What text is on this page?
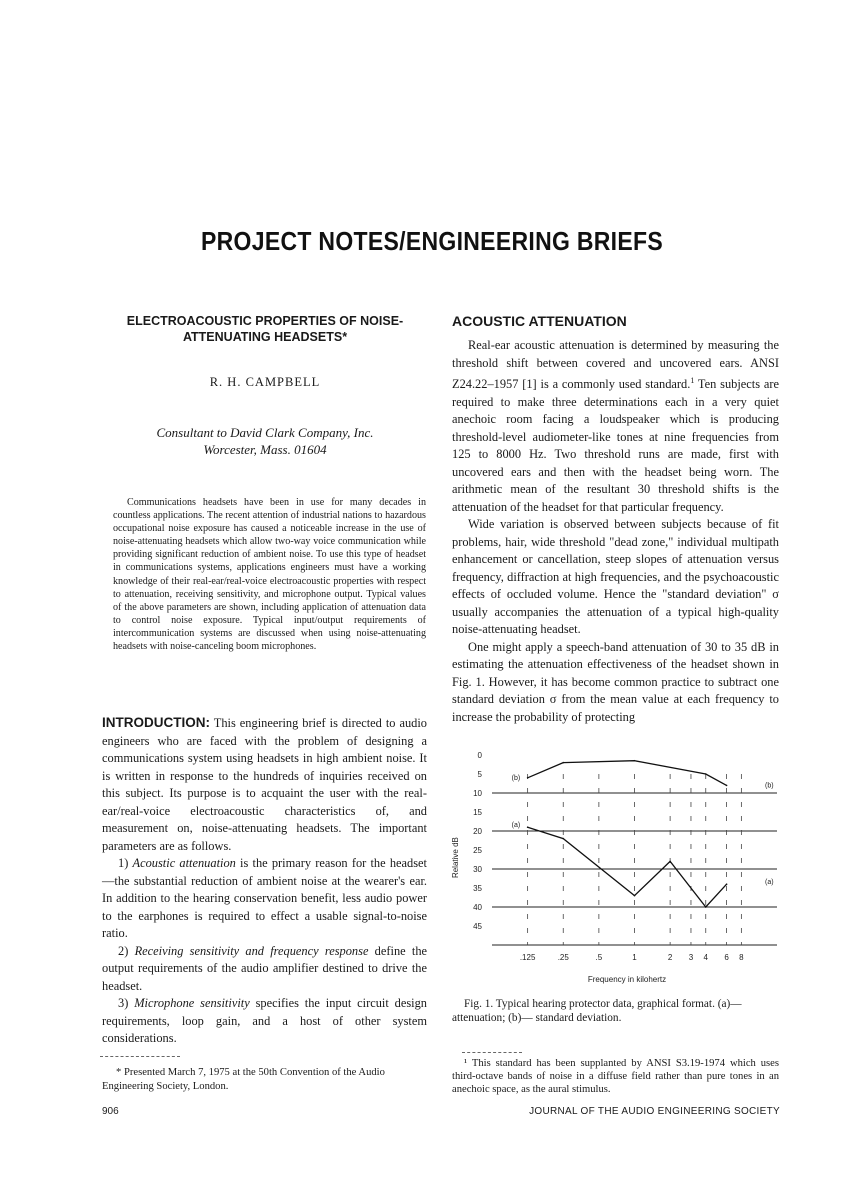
PROJECT NOTES/ENGINEERING BRIEFS
ELECTROACOUSTIC PROPERTIES OF NOISE-
ATTENUATING HEADSETS*
R. H. CAMPBELL
Consultant to David Clark Company, Inc.
Worcester, Mass. 01604
Communications headsets have been in use for many decades in countless applications. The recent attention of industrial nations to hazardous occupational noise exposure has caused a noticeable increase in the use of noise-attenuating headsets which allow two-way voice communication while providing significant reduction of ambient noise. To use this type of headset in communications systems, applications engineers must have a working knowledge of their real-ear/real-voice electroacoustic properties with respect to attenuation, receiving sensitivity, and microphone output. Typical values of the above parameters are shown, including application of attenuation data to control noise exposure. Typical input/output requirements of intercommunication systems are discussed when using noise-attenuating headsets with noise-canceling boom microphones.

INTRODUCTION: This engineering brief is directed to audio engineers who are faced with the problem of designing a communications system using headsets in high ambient noise. It is written in response to the hundreds of inquiries received on this subject. Its purpose is to acquaint the user with the real-ear/real-voice electroacoustic characteristics of, and measurement on, noise-attenuating headsets. The important parameters are as follows.

1) Acoustic attenuation is the primary reason for the headset—the substantial reduction of ambient noise at the wearer's ear. In addition to the hearing conservation benefit, less audio power to the earphones is required to effect a usable signal-to-noise ratio.

2) Receiving sensitivity and frequency response define the output requirements of the audio amplifier destined to drive the headset.

3) Microphone sensitivity specifies the input circuit design requirements, loop gain, and a host of other system considerations.

* Presented March 7, 1975 at the 50th Convention of the Audio Engineering Society, London.
ACOUSTIC ATTENUATION

Real-ear acoustic attenuation is determined by measuring the threshold shift between covered and uncovered ears. ANSI Z24.22–1957 [1] is a commonly used standard.$^1$ Ten subjects are required to make three determinations each in a very quiet anechoic room facing a loudspeaker which is producing threshold-level audiometer-like tones at nine frequencies from 125 to 8000 Hz. Two threshold runs are made, first with uncovered ears and then with the headset being worn. The arithmetic mean of the resultant 30 threshold shifts is the attenuation of the headset for that particular frequency.

Wide variation is observed between subjects because of fit problems, hair, wide threshold "dead zone," individual multipath enhancement or cancellation, steep slopes of attenuation versus frequency, diffraction at high frequencies, and the psychoacoustic effects of occluded volume. Hence the "standard deviation" σ usually accompanies the attenuation of a typical high-quality noise-attenuating headset.

One might apply a speech-band attenuation of 30 to 35 dB in estimating the attenuation effectiveness of the headset shown in Fig. 1. However, it has become common practice to subtract one standard deviation σ from the mean value at each frequency to increase the probability of protecting

0
5
10
15
20
25
30
35
40
45
.125	.25	.5	1	2 3 4 6 8
(a)
(a)
(b)
(b)
Frequency in kilohertz
Relative dB
Fig. 1. Typical hearing protector data, graphical format. (a)—attenuation; (b)— standard deviation.
¹ This standard has been supplanted by ANSI S3.19-1974 which uses third-octave bands of noise in a diffuse field rather than pure tones in an anechoic space, as the aural stimulus.
906	JOURNAL OF THE AUDIO ENGINEERING SOCIETY
